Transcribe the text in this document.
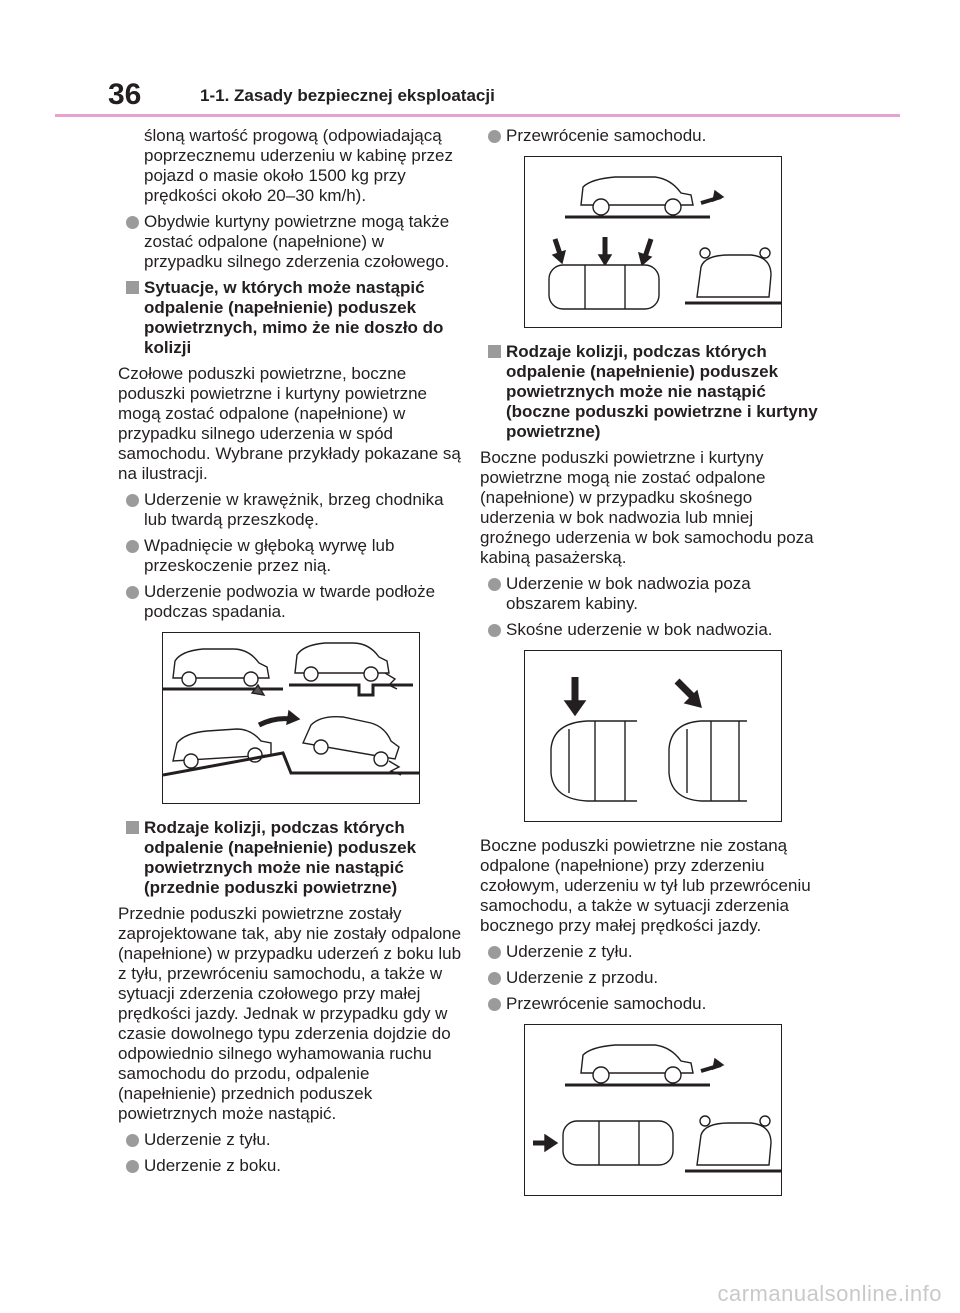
36	1-1. Zasady bezpiecznej eksploatacji

śloną wartość progową (odpowiadającą poprzecznemu uderzeniu w kabinę przez pojazd o masie około 1500 kg przy prędkości około 20–30 km/h).

Obydwie kurtyny powietrzne mogą także zostać odpalone (napełnione) w przypadku silnego zderzenia czołowego.
Sytuacje, w których może nastąpić odpalenie (napełnienie) poduszek powietrznych, mimo że nie doszło do kolizji

Czołowe poduszki powietrzne, boczne poduszki powietrzne i kurtyny powietrzne mogą zostać odpalone (napełnione) w przypadku silnego uderzenia w spód samochodu. Wybrane przykłady pokazane są na ilustracji.

Uderzenie w krawężnik, brzeg chodnika lub twardą przeszkodę.
Wpadnięcie w głęboką wyrwę lub przeskoczenie przez nią.
Uderzenie podwozia w twarde podłoże podczas spadania.
Rodzaje kolizji, podczas których odpalenie (napełnienie) poduszek powietrznych może nie nastąpić (przednie poduszki powietrzne)

Przednie poduszki powietrzne zostały zaprojektowane tak, aby nie zostały odpalone (napełnione) w przypadku uderzeń z boku lub z tyłu, przewróceniu samochodu, a także w sytuacji zderzenia czołowego przy małej prędkości jazdy. Jednak w przypadku gdy w czasie dowolnego typu zderzenia dojdzie do odpowiednio silnego wyhamowania ruchu samochodu do przodu, odpalenie (napełnienie) przednich poduszek powietrznych może nastąpić.

Uderzenie z tyłu.
Uderzenie z boku.
Przewrócenie samochodu.
Rodzaje kolizji, podczas których odpalenie (napełnienie) poduszek powietrznych może nie nastąpić (boczne poduszki powietrzne i kurtyny powietrzne)

Boczne poduszki powietrzne i kurtyny powietrzne mogą nie zostać odpalone (napełnione) w przypadku skośnego uderzenia w bok nadwozia lub mniej groźnego uderzenia w bok samochodu poza kabiną pasażerską.

Uderzenie w bok nadwozia poza obszarem kabiny.
Skośne uderzenie w bok nadwozia.

Boczne poduszki powietrzne nie zostaną odpalone (napełnione) przy zderzeniu czołowym, uderzeniu w tył lub przewróceniu samochodu, a także w sytuacji zderzenia bocznego przy małej prędkości jazdy.

Uderzenie z tyłu.
Uderzenie z przodu.
Przewrócenie samochodu.
carmanualsonline.info
